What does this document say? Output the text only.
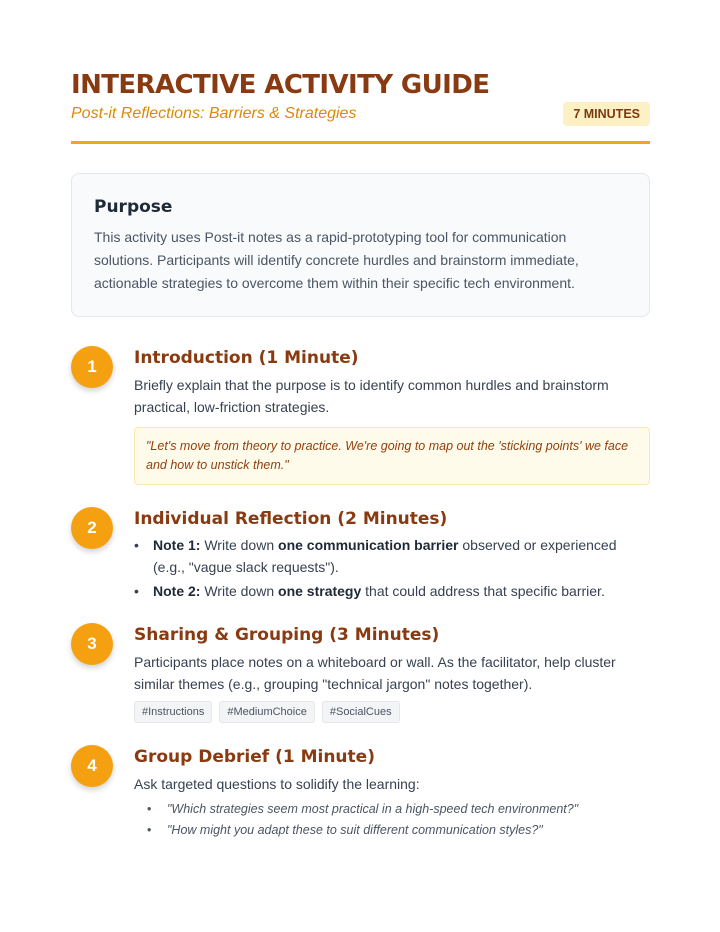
INTERACTIVE ACTIVITY GUIDE
Post-it Reflections: Barriers & Strategies	7 MINUTES
Purpose

This activity uses Post-it notes as a rapid-prototyping tool for communication solutions. Participants will identify concrete hurdles and brainstorm immediate, actionable strategies to overcome them within their specific tech environment.

1	Introduction (1 Minute)

Briefly explain that the purpose is to identify common hurdles and brainstorm practical, low-friction strategies.

"Let's move from theory to practice. We're going to map out the 'sticking points' we face and how to unstick them."
2	Individual Reflection (2 Minutes)
• Note 1: Write down one communication barrier observed or experienced (e.g., "vague slack requests").
• Note 2: Write down one strategy that could address that specific barrier.
3	Sharing & Grouping (3 Minutes)

Participants place notes on a whiteboard or wall. As the facilitator, help cluster similar themes (e.g., grouping "technical jargon" notes together).

#Instructions	#MediumChoice	#SocialCues
4	Group Debrief (1 Minute)

Ask targeted questions to solidify the learning:

• "Which strategies seem most practical in a high-speed tech environment?"
• "How might you adapt these to suit different communication styles?"
